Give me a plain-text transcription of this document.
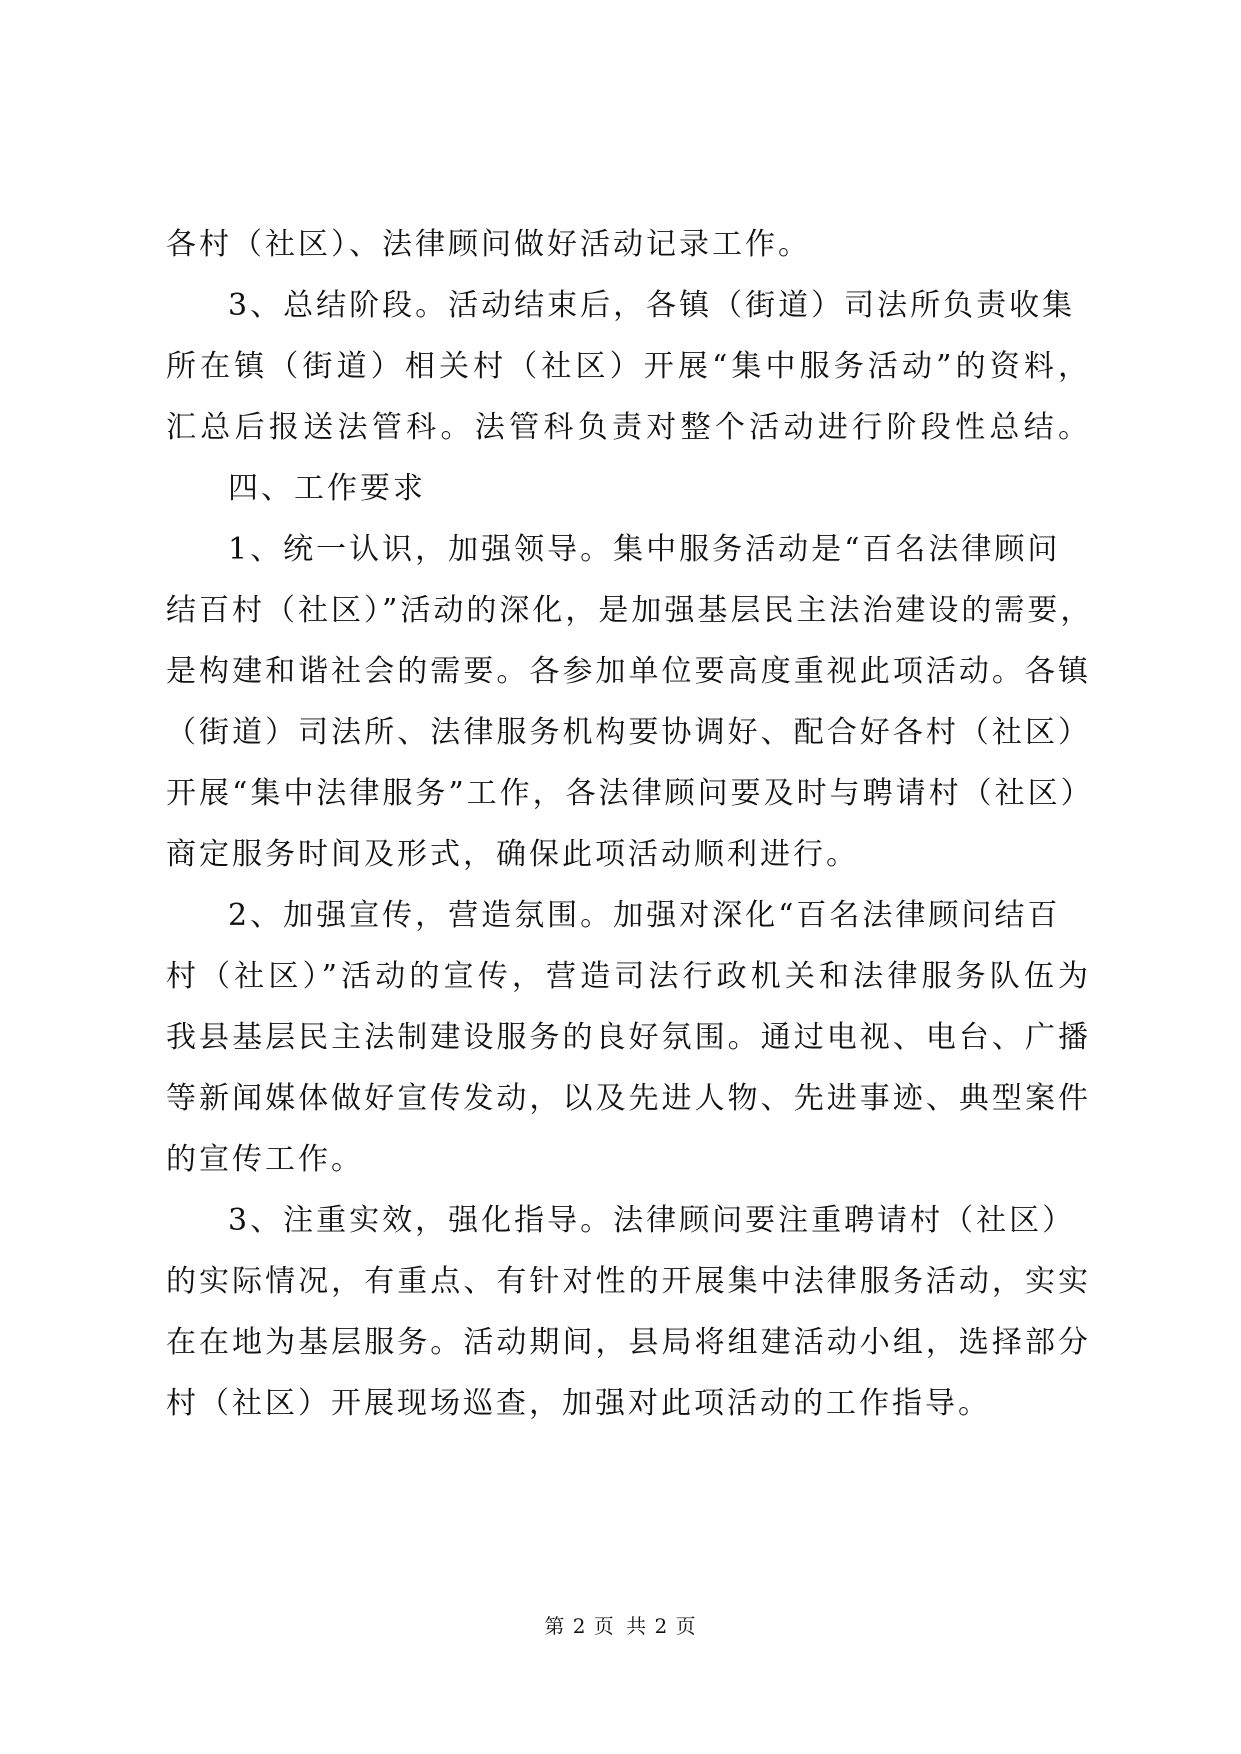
各村（社区）、法律顾问做好活动记录工作。
3、总结阶段。活动结束后，各镇（街道）司法所负责收集
所在镇（街道）相关村（社区）开展“集中服务活动”的资料，
汇总后报送法管科。法管科负责对整个活动进行阶段性总结。
四、工作要求
1、统一认识，加强领导。集中服务活动是“百名法律顾问
结百村（社区）”活动的深化，是加强基层民主法治建设的需要，
是构建和谐社会的需要。各参加单位要高度重视此项活动。各镇
（街道）司法所、法律服务机构要协调好、配合好各村（社区）
开展“集中法律服务”工作，各法律顾问要及时与聘请村（社区）
商定服务时间及形式，确保此项活动顺利进行。
2、加强宣传，营造氛围。加强对深化“百名法律顾问结百
村（社区）”活动的宣传，营造司法行政机关和法律服务队伍为
我县基层民主法制建设服务的良好氛围。通过电视、电台、广播
等新闻媒体做好宣传发动，以及先进人物、先进事迹、典型案件
的宣传工作。
3、注重实效，强化指导。法律顾问要注重聘请村（社区）
的实际情况，有重点、有针对性的开展集中法律服务活动，实实
在在地为基层服务。活动期间，县局将组建活动小组，选择部分
村（社区）开展现场巡查，加强对此项活动的工作指导。
第 2 页 共 2 页
